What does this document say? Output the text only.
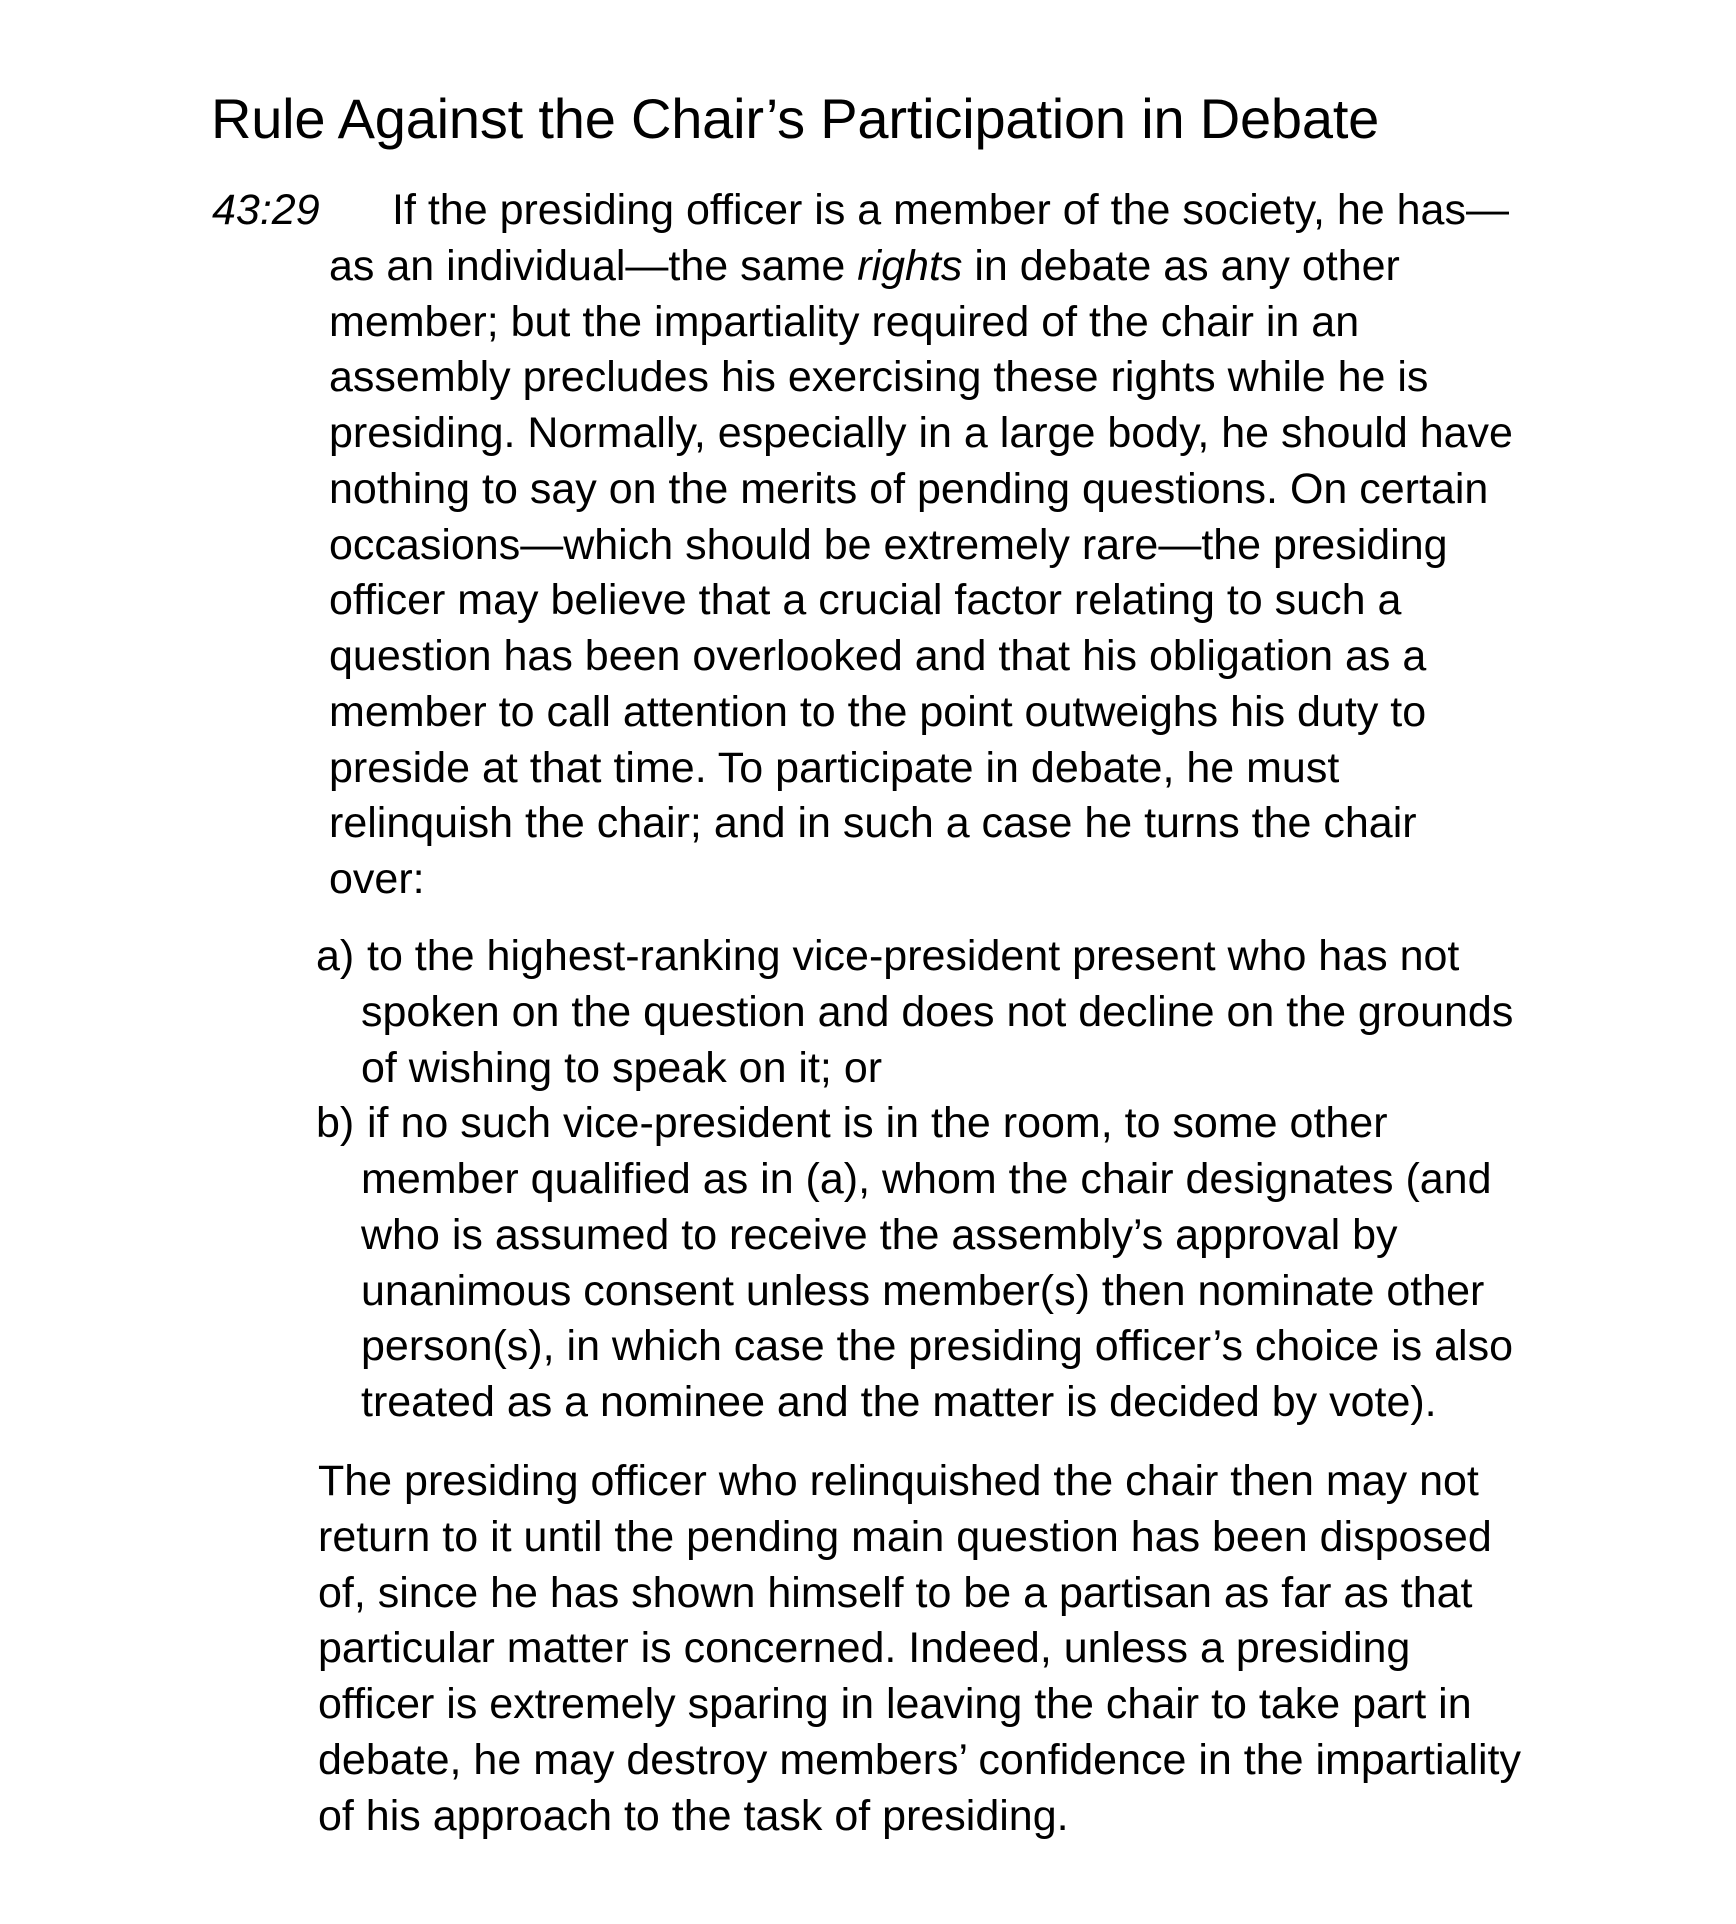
Rule Against the Chair’s Participation in Debate
43:29 If the presiding officer is a member of the society, he has—
as an individual—the same rights in debate as any other
member; but the impartiality required of the chair in an
assembly precludes his exercising these rights while he is
presiding. Normally, especially in a large body, he should have
nothing to say on the merits of pending questions. On certain
occasions—which should be extremely rare—the presiding
officer may believe that a crucial factor relating to such a
question has been overlooked and that his obligation as a
member to call attention to the point outweighs his duty to
preside at that time. To participate in debate, he must
relinquish the chair; and in such a case he turns the chair
over:
a) to the highest-ranking vice-president present who has not
spoken on the question and does not decline on the grounds
of wishing to speak on it; or
b) if no such vice-president is in the room, to some other
member qualified as in (a), whom the chair designates (and
who is assumed to receive the assembly’s approval by
unanimous consent unless member(s) then nominate other
person(s), in which case the presiding officer’s choice is also
treated as a nominee and the matter is decided by vote).
The presiding officer who relinquished the chair then may not
return to it until the pending main question has been disposed
of, since he has shown himself to be a partisan as far as that
particular matter is concerned. Indeed, unless a presiding
officer is extremely sparing in leaving the chair to take part in
debate, he may destroy members’ confidence in the impartiality
of his approach to the task of presiding.
